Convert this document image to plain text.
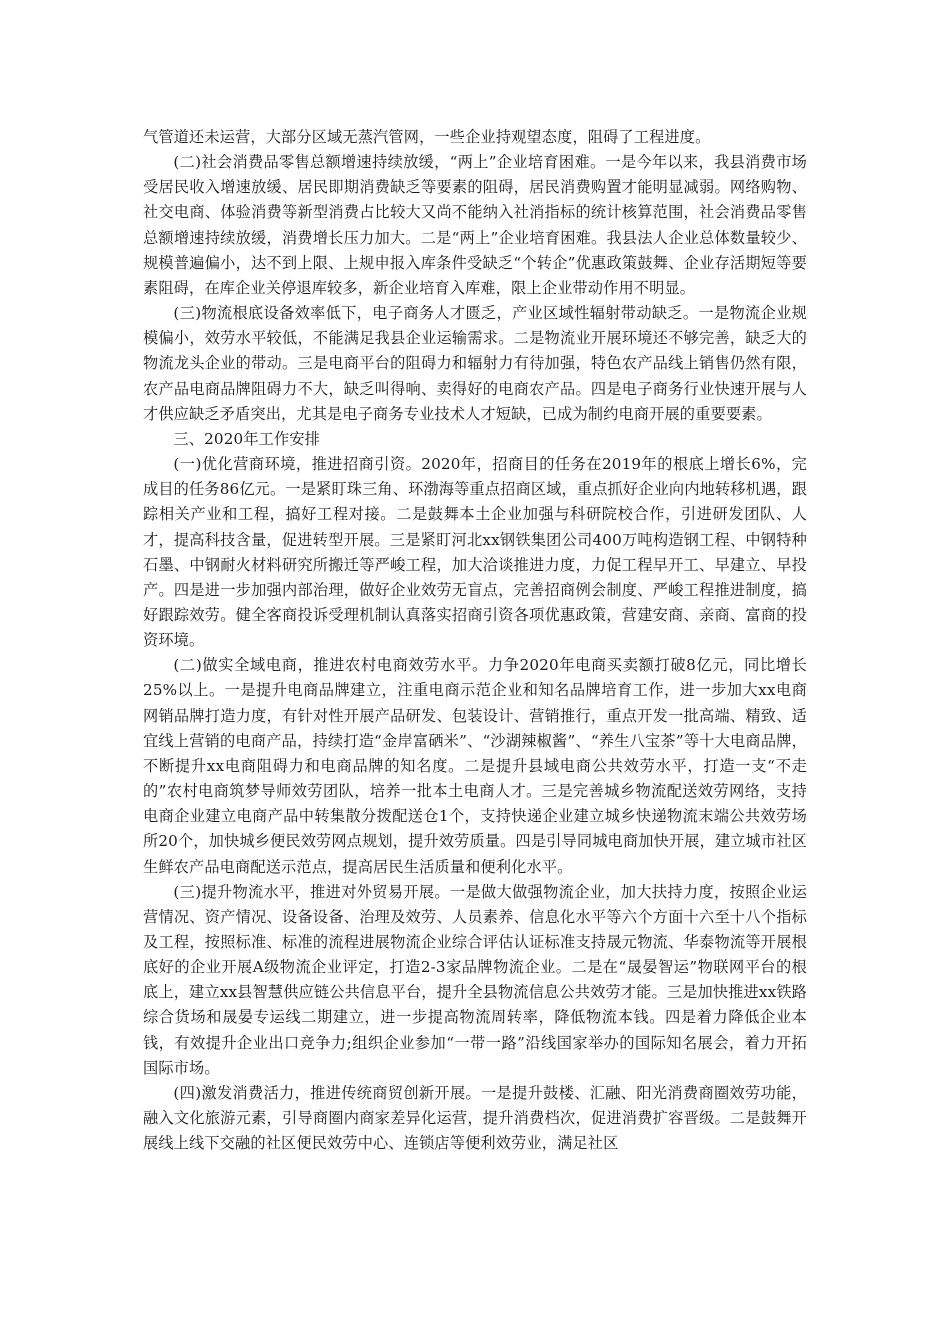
气管道还未运营，大部分区域无蒸汽管网，一些企业持观望态度，阻碍了工程进度。

(二)社会消费品零售总额增速持续放缓，“两上”企业培育困难。一是今年以来，我县消费市场受居民收入增速放缓、居民即期消费缺乏等要素的阻碍，居民消费购置才能明显减弱。网络购物、社交电商、体验消费等新型消费占比较大又尚不能纳入社消指标的统计核算范围，社会消费品零售总额增速持续放缓，消费增长压力加大。二是“两上”企业培育困难。我县法人企业总体数量较少、规模普遍偏小，达不到上限、上规申报入库条件受缺乏“个转企”优惠政策鼓舞、企业存活期短等要素阻碍，在库企业关停退库较多，新企业培育入库难，限上企业带动作用不明显。

(三)物流根底设备效率低下，电子商务人才匮乏，产业区域性辐射带动缺乏。一是物流企业规模偏小，效劳水平较低，不能满足我县企业运输需求。二是物流业开展环境还不够完善，缺乏大的物流龙头企业的带动。三是电商平台的阻碍力和辐射力有待加强，特色农产品线上销售仍然有限，农产品电商品牌阻碍力不大，缺乏叫得响、卖得好的电商农产品。四是电子商务行业快速开展与人才供应缺乏矛盾突出，尤其是电子商务专业技术人才短缺，已成为制约电商开展的重要要素。

三、2020年工作安排

(一)优化营商环境，推进招商引资。2020年，招商目的任务在2019年的根底上增长6%，完成目的任务86亿元。一是紧盯珠三角、环渤海等重点招商区域，重点抓好企业向内地转移机遇，跟踪相关产业和工程，搞好工程对接。二是鼓舞本土企业加强与科研院校合作，引进研发团队、人才，提高科技含量，促进转型开展。三是紧盯河北xx钢铁集团公司400万吨构造钢工程、中钢特种石墨、中钢耐火材料研究所搬迁等严峻工程，加大洽谈推进力度，力促工程早开工、早建立、早投产。四是进一步加强内部治理，做好企业效劳无盲点，完善招商例会制度、严峻工程推进制度，搞好跟踪效劳。健全客商投诉受理机制认真落实招商引资各项优惠政策，营建安商、亲商、富商的投资环境。

(二)做实全域电商，推进农村电商效劳水平。力争2020年电商买卖额打破8亿元，同比增长25%以上。一是提升电商品牌建立，注重电商示范企业和知名品牌培育工作，进一步加大xx电商网销品牌打造力度，有针对性开展产品研发、包装设计、营销推行，重点开发一批高端、精致、适宜线上营销的电商产品，持续打造“金岸富硒米”、“沙湖辣椒酱”、“养生八宝茶”等十大电商品牌，不断提升xx电商阻碍力和电商品牌的知名度。二是提升县域电商公共效劳水平，打造一支“不走的”农村电商筑梦导师效劳团队，培养一批本土电商人才。三是完善城乡物流配送效劳网络，支持电商企业建立电商产品中转集散分拨配送仓1个，支持快递企业建立城乡快递物流末端公共效劳场所20个，加快城乡便民效劳网点规划，提升效劳质量。四是引导同城电商加快开展，建立城市社区生鲜农产品电商配送示范点，提高居民生活质量和便利化水平。

(三)提升物流水平，推进对外贸易开展。一是做大做强物流企业，加大扶持力度，按照企业运营情况、资产情况、设备设备、治理及效劳、人员素养、信息化水平等六个方面十六至十八个指标及工程，按照标准、标准的流程进展物流企业综合评估认证标准支持晟元物流、华泰物流等开展根底好的企业开展A级物流企业评定，打造2-3家品牌物流企业。二是在“晟晏智运”物联网平台的根底上，建立xx县智慧供应链公共信息平台，提升全县物流信息公共效劳才能。三是加快推进xx铁路综合货场和晟晏专运线二期建立，进一步提高物流周转率，降低物流本钱。四是着力降低企业本钱，有效提升企业出口竞争力;组织企业参加“一带一路”沿线国家举办的国际知名展会，着力开拓国际市场。

(四)激发消费活力，推进传统商贸创新开展。一是提升鼓楼、汇融、阳光消费商圈效劳功能，融入文化旅游元素，引导商圈内商家差异化运营，提升消费档次，促进消费扩容晋级。二是鼓舞开展线上线下交融的社区便民效劳中心、连锁店等便利效劳业，满足社区
